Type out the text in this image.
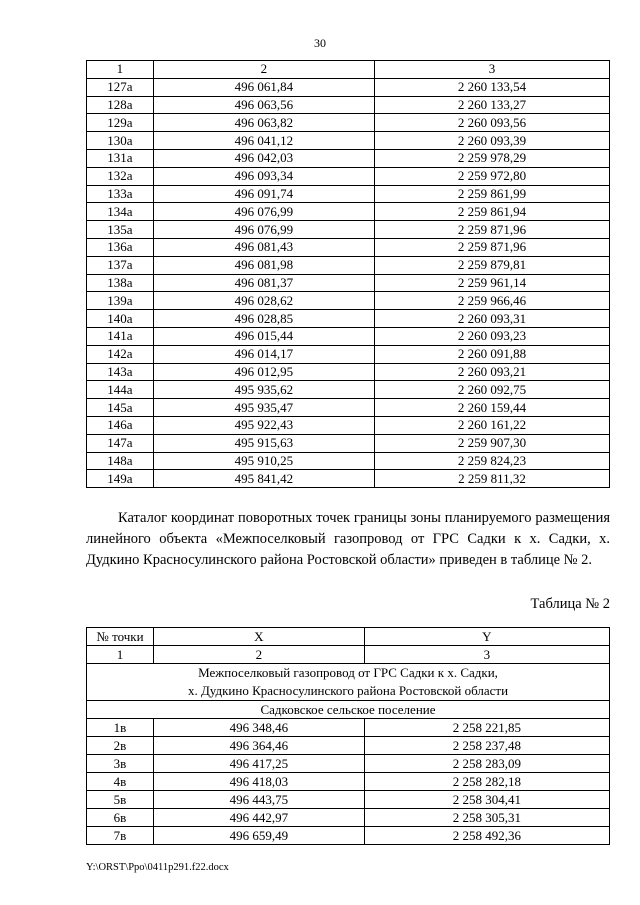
30
1	2	3
127а	496 061,84	2 260 133,54
128а	496 063,56	2 260 133,27
129а	496 063,82	2 260 093,56
130а	496 041,12	2 260 093,39
131а	496 042,03	2 259 978,29
132а	496 093,34	2 259 972,80
133а	496 091,74	2 259 861,99
134а	496 076,99	2 259 861,94
135а	496 076,99	2 259 871,96
136а	496 081,43	2 259 871,96
137а	496 081,98	2 259 879,81
138а	496 081,37	2 259 961,14
139а	496 028,62	2 259 966,46
140а	496 028,85	2 260 093,31
141а	496 015,44	2 260 093,23
142а	496 014,17	2 260 091,88
143а	496 012,95	2 260 093,21
144а	495 935,62	2 260 092,75
145а	495 935,47	2 260 159,44
146а	495 922,43	2 260 161,22
147а	495 915,63	2 259 907,30
148а	495 910,25	2 259 824,23
149а	495 841,42	2 259 811,32
Каталог координат поворотных точек границы зоны планируемого размещения линейного объекта «Межпоселковый газопровод от ГРС Садки к х. Садки, х. Дудкино Красносулинского района Ростовской области» приведен в таблице № 2.
Таблица № 2
№ точки	X	Y
1	2	3

Межпоселковый газопровод от ГРС Садки к х. Садки,
х. Дудкино Красносулинского района Ростовской области		

Садковское сельское поселение		
1в	496 348,46	2 258 221,85
2в	496 364,46	2 258 237,48
3в	496 417,25	2 258 283,09
4в	496 418,03	2 258 282,18
5в	496 443,75	2 258 304,41
6в	496 442,97	2 258 305,31
7в	496 659,49	2 258 492,36
Y:\ORST\Ppo\0411p291.f22.docx
